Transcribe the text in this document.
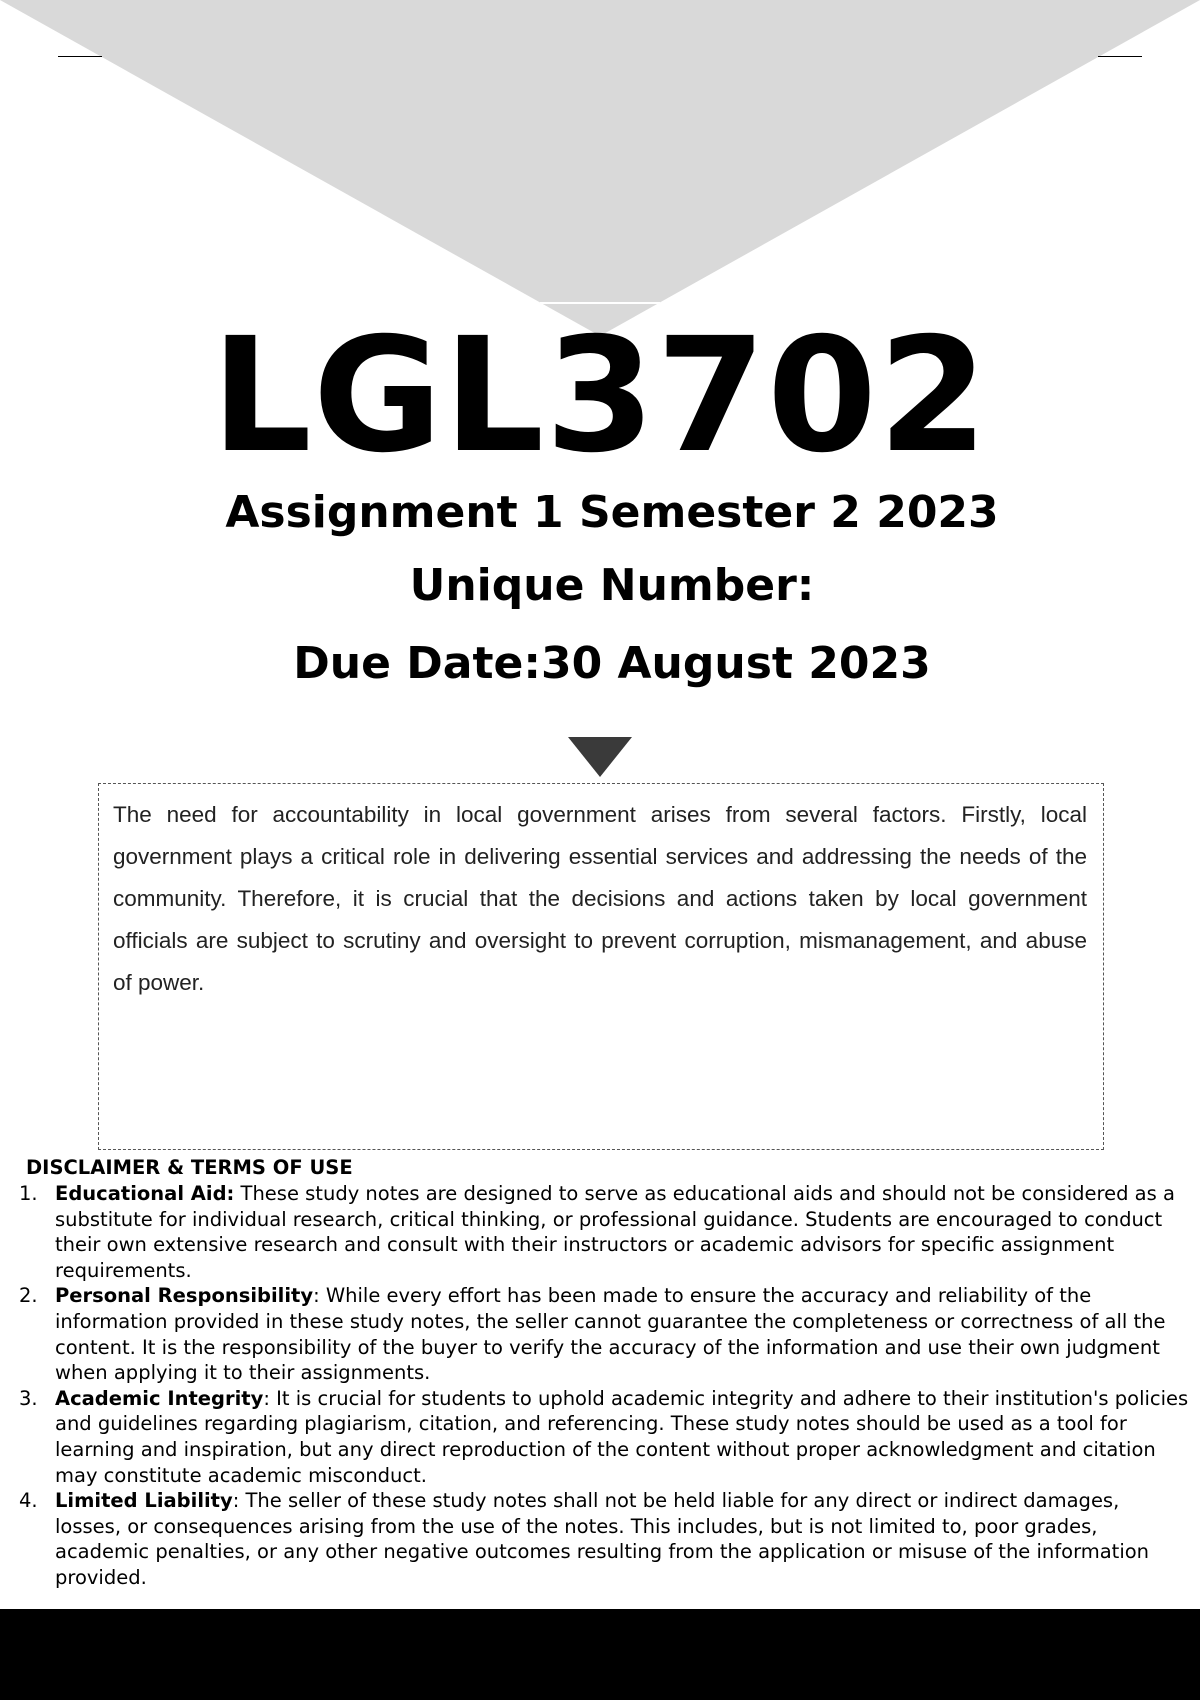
LGL3702
Assignment 1 Semester 2 2023
Unique Number:
Due Date:30 August 2023

The need for accountability in local government arises from several factors. Firstly, local government plays a critical role in delivering essential services and addressing the needs of the community. Therefore, it is crucial that the decisions and actions taken by local government officials are subject to scrutiny and oversight to prevent corruption, mismanagement, and abuse of power.

DISCLAIMER & TERMS OF USE
1. Educational Aid: These study notes are designed to serve as educational aids and should not be considered as a substitute for individual research, critical thinking, or professional guidance. Students are encouraged to conduct their own extensive research and consult with their instructors or academic advisors for specific assignment requirements.
2. Personal Responsibility: While every effort has been made to ensure the accuracy and reliability of the information provided in these study notes, the seller cannot guarantee the completeness or correctness of all the content. It is the responsibility of the buyer to verify the accuracy of the information and use their own judgment when applying it to their assignments.
3. Academic Integrity: It is crucial for students to uphold academic integrity and adhere to their institution's policies and guidelines regarding plagiarism, citation, and referencing. These study notes should be used as a tool for learning and inspiration, but any direct reproduction of the content without proper acknowledgment and citation may constitute academic misconduct.
4. Limited Liability: The seller of these study notes shall not be held liable for any direct or indirect damages, losses, or consequences arising from the use of the notes. This includes, but is not limited to, poor grades, academic penalties, or any other negative outcomes resulting from the application or misuse of the information provided.
